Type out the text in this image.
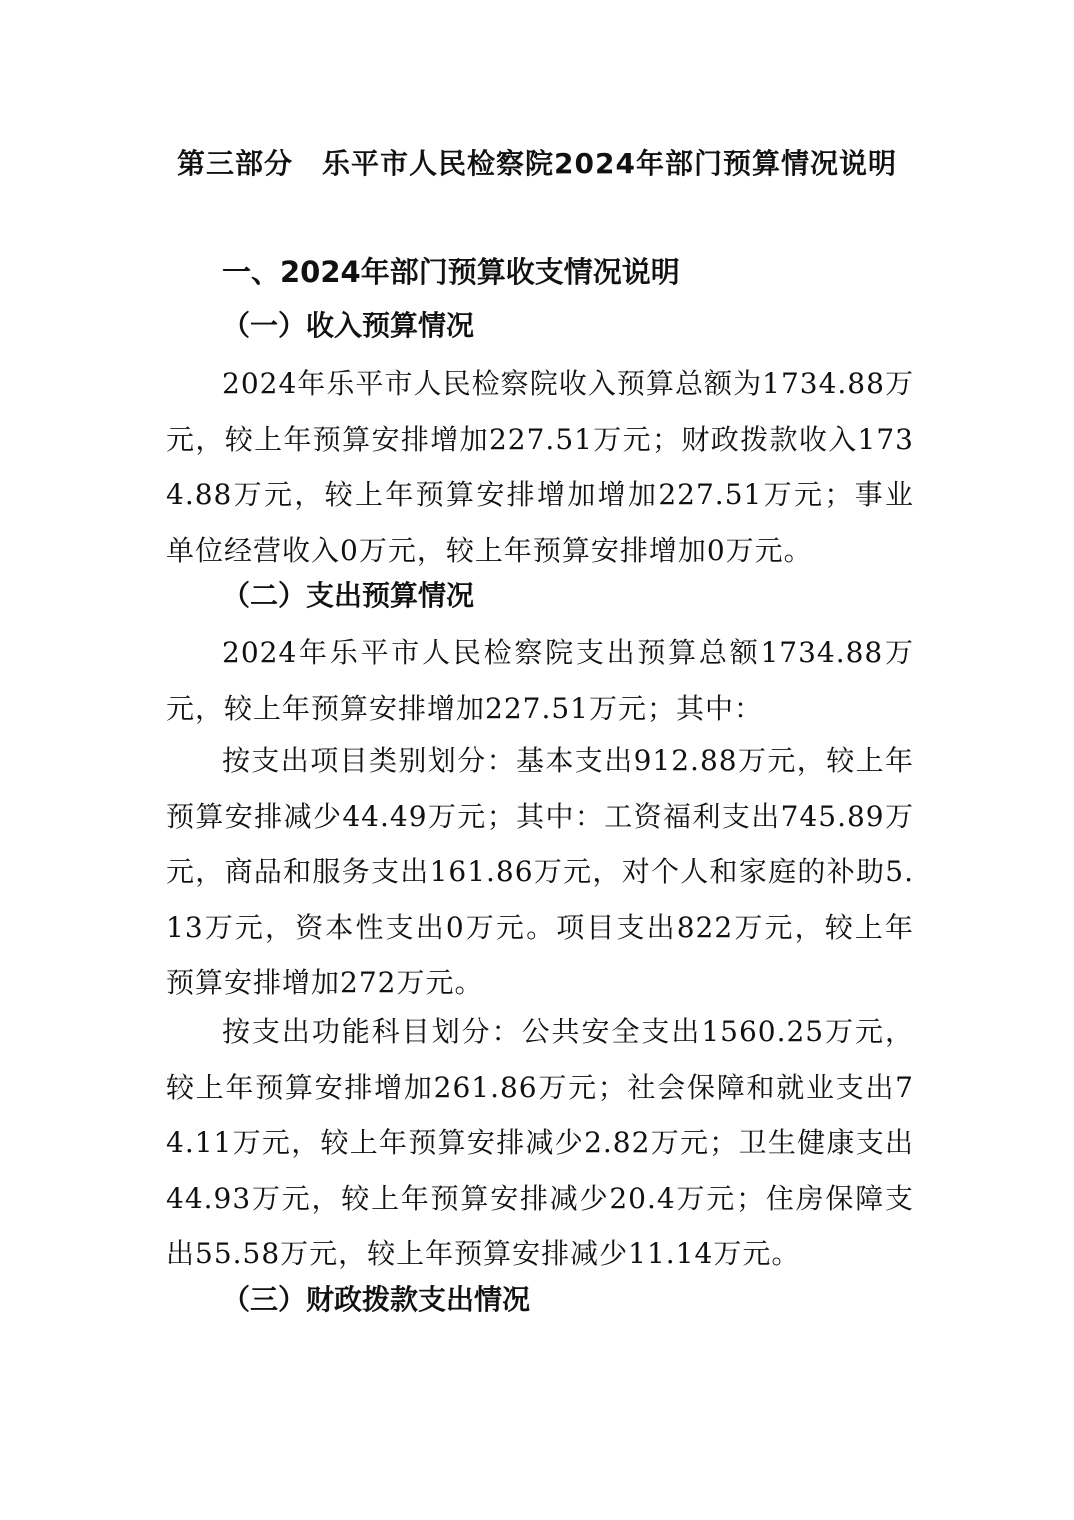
第三部分　乐平市人民检察院2024年部门预算情况说明
一、2024年部门预算收支情况说明
（一）收入预算情况

2024年乐平市人民检察院收入预算总额为1734.88万元，较上年预算安排增加227.51万元；财政拨款收入1734.88万元，较上年预算安排增加增加227.51万元；事业单位经营收入0万元，较上年预算安排增加0万元。

（二）支出预算情况

2024年乐平市人民检察院支出预算总额1734.88万元，较上年预算安排增加227.51万元；其中：

按支出项目类别划分：基本支出912.88万元，较上年预算安排减少44.49万元；其中：工资福利支出745.89万元，商品和服务支出161.86万元，对个人和家庭的补助5.13万元，资本性支出0万元。项目支出822万元，较上年预算安排增加272万元。

按支出功能科目划分：公共安全支出1560.25万元，较上年预算安排增加261.86万元；社会保障和就业支出74.11万元，较上年预算安排减少2.82万元；卫生健康支出44.93万元，较上年预算安排减少20.4万元；住房保障支出55.58万元，较上年预算安排减少11.14万元。

（三）财政拨款支出情况
